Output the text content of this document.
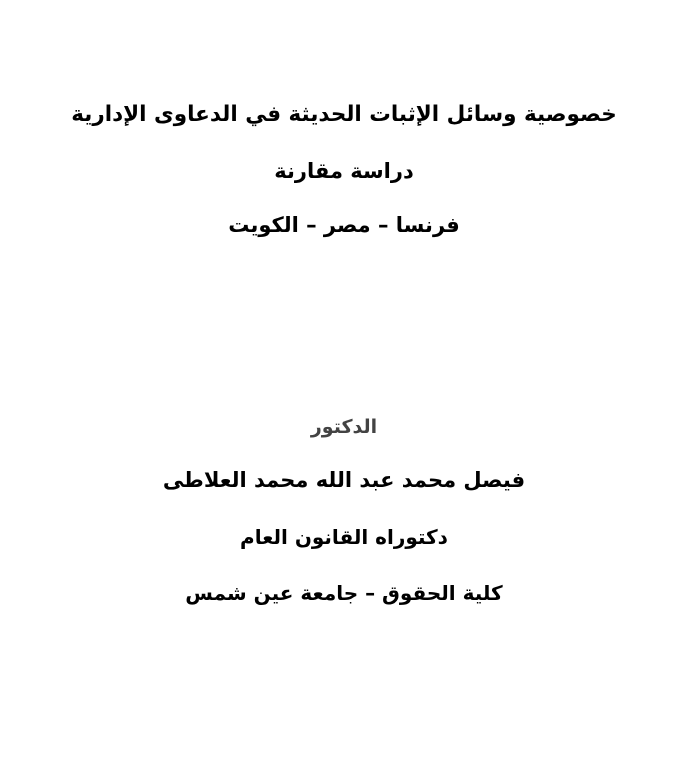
خصوصية وسائل الإثبات الحديثة في الدعاوى الإدارية
دراسة مقارنة
فرنسا – مصر – الكويت
الدكتور
فيصل محمد عبد الله محمد العلاطى
دكتوراه القانون العام
كلية الحقوق – جامعة عين شمس
